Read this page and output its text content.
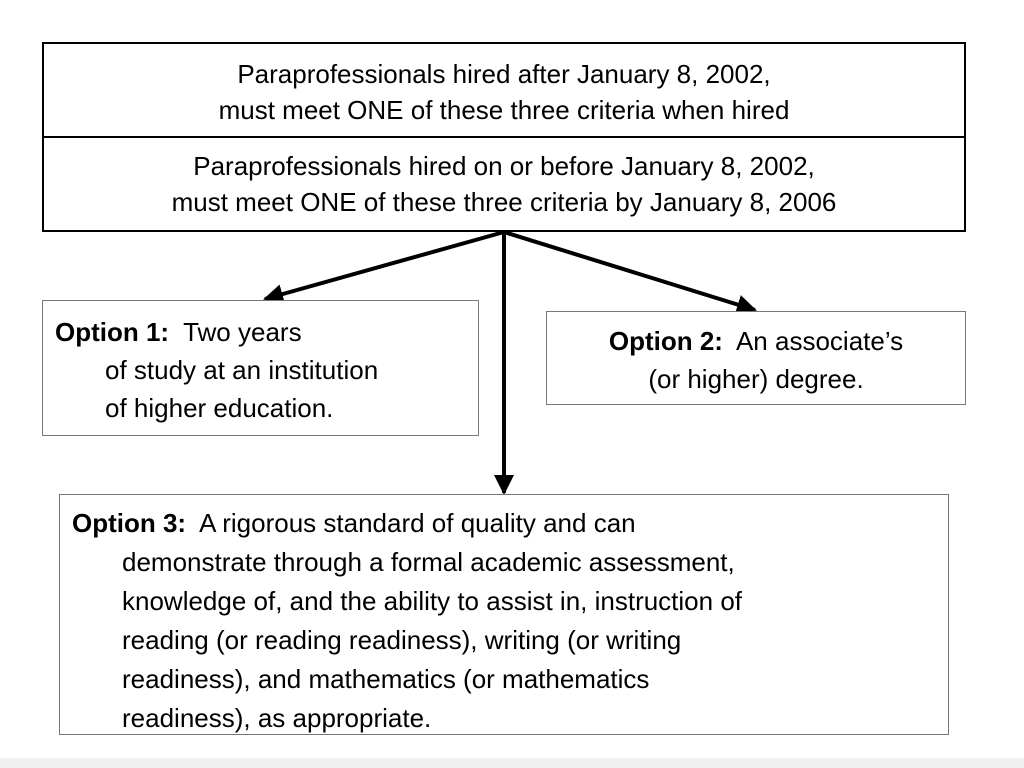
Paraprofessionals hired after January 8, 2002,
must meet ONE of these three criteria when hired
Paraprofessionals hired on or before January 8, 2002,
must meet ONE of these three criteria by January 8, 2006
Option 1: Two years
of study at an institution
of higher education.
Option 2: An associate’s
(or higher) degree.
Option 3: A rigorous standard of quality and can
demonstrate through a formal academic assessment,
knowledge of, and the ability to assist in, instruction of
reading (or reading readiness), writing (or writing
readiness), and mathematics (or mathematics
readiness), as appropriate.
